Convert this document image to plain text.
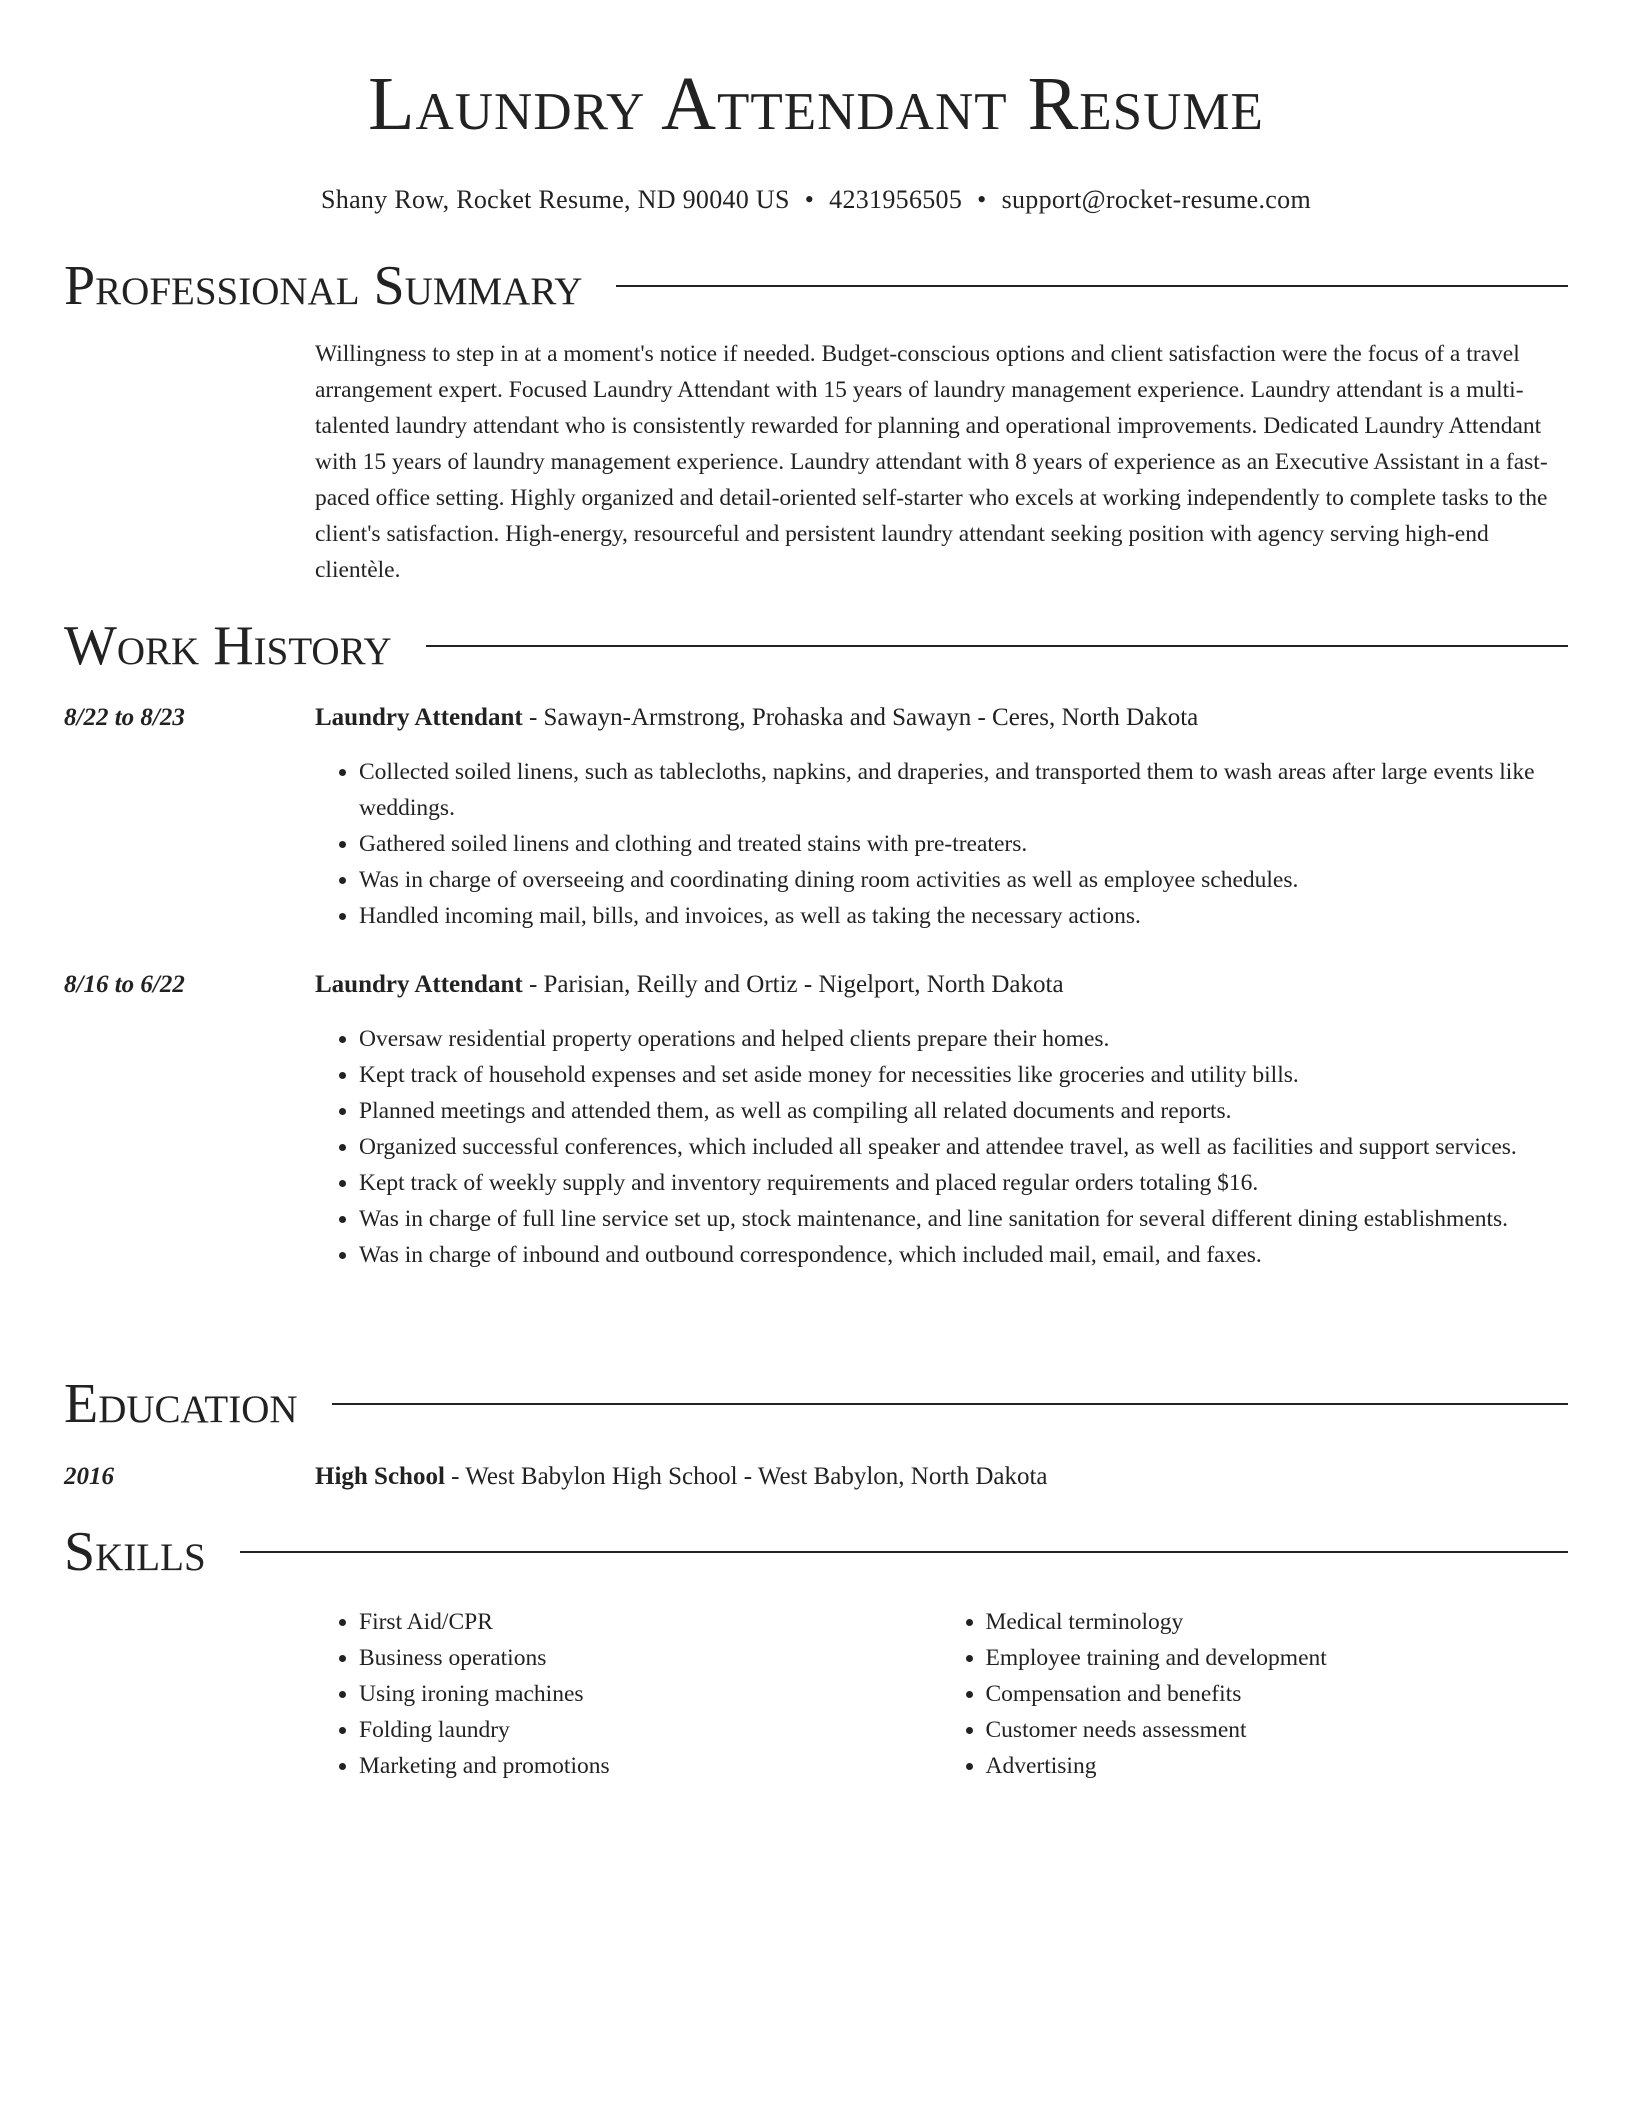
Laundry Attendant Resume
Shany Row, Rocket Resume, ND 90040 US • 4231956505 • support@rocket-resume.com
Professional Summary

Willingness to step in at a moment's notice if needed. Budget-conscious options and client satisfaction were the focus of a travel arrangement expert. Focused Laundry Attendant with 15 years of laundry management experience. Laundry attendant is a multi-talented laundry attendant who is consistently rewarded for planning and operational improvements. Dedicated Laundry Attendant with 15 years of laundry management experience. Laundry attendant with 8 years of experience as an Executive Assistant in a fast-paced office setting. Highly organized and detail-oriented self-starter who excels at working independently to complete tasks to the client's satisfaction. High-energy, resourceful and persistent laundry attendant seeking position with agency serving high-end clientèle.

Work History
8/22 to 8/23	Laundry Attendant - Sawayn-Armstrong, Prohaska and Sawayn - Ceres, North Dakota

• Collected soiled linens, such as tablecloths, napkins, and draperies, and transported them to wash areas after large events like weddings.
• Gathered soiled linens and clothing and treated stains with pre-treaters.
• Was in charge of overseeing and coordinating dining room activities as well as employee schedules.
• Handled incoming mail, bills, and invoices, as well as taking the necessary actions.
8/16 to 6/22	Laundry Attendant - Parisian, Reilly and Ortiz - Nigelport, North Dakota

• Oversaw residential property operations and helped clients prepare their homes.
• Kept track of household expenses and set aside money for necessities like groceries and utility bills.
• Planned meetings and attended them, as well as compiling all related documents and reports.
• Organized successful conferences, which included all speaker and attendee travel, as well as facilities and support services.
• Kept track of weekly supply and inventory requirements and placed regular orders totaling $16.
• Was in charge of full line service set up, stock maintenance, and line sanitation for several different dining establishments.
• Was in charge of inbound and outbound correspondence, which included mail, email, and faxes.
Education
2016	High School - West Babylon High School - West Babylon, North Dakota

Skills
• First Aid/CPR
• Business operations
• Using ironing machines
• Folding laundry
• Marketing and promotions
• Medical terminology
• Employee training and development
• Compensation and benefits
• Customer needs assessment
• Advertising
